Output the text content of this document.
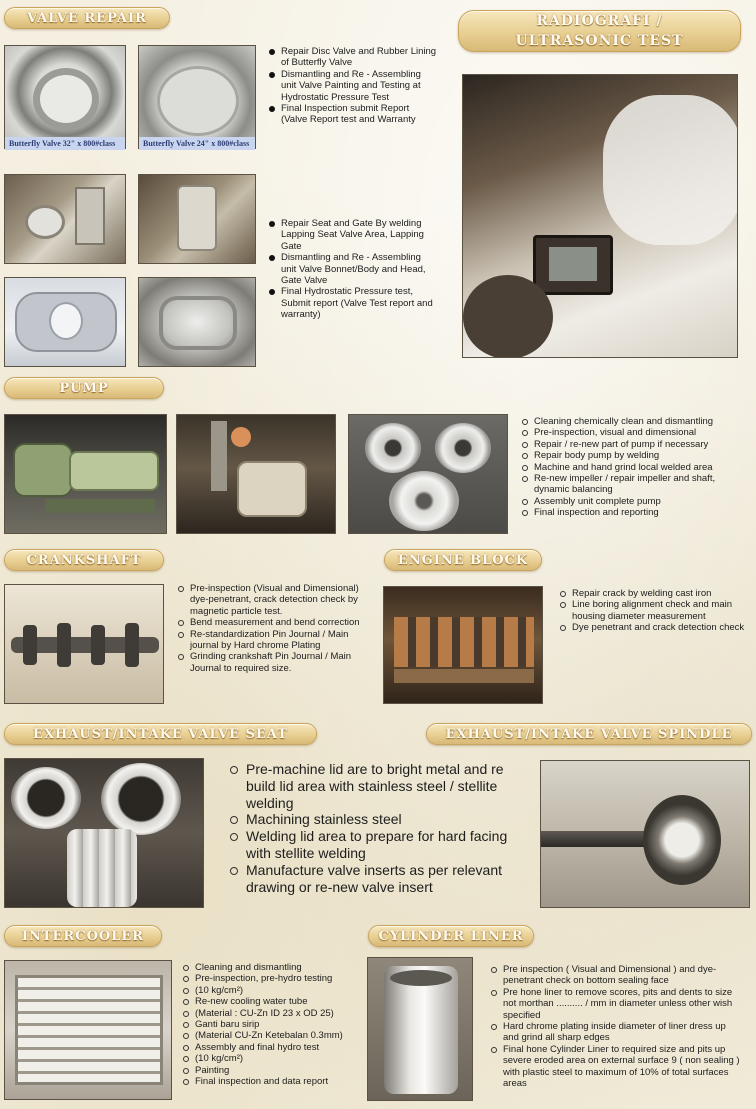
VALVE REPAIR
Butterfly Valve 32" x 800#class	Butterfly Valve 24" x 800#class
Repair Disc Valve and Rubber Lining of Butterfly Valve
Dismantling and Re - Assembling unit Valve Painting and Testing at Hydrostatic Pressure Test
Final Inspection submit Report (Valve Report test and Warranty
Repair Seat and Gate By welding Lapping Seat Valve Area, Lapping Gate
Dismantling and Re - Assembling unit Valve Bonnet/Body and Head, Gate Valve
Final Hydrostatic Pressure test, Submit report (Valve Test report and warranty)
RADIOGRAFI /
ULTRASONIC TEST
PUMP
Cleaning chemically clean and dismantling
Pre-inspection, visual and dimensional
Repair / re-new part of pump if necessary
Repair body pump by welding
Machine and hand grind local welded area
Re-new impeller / repair impeller and shaft, dynamic balancing
Assembly unit complete pump
Final inspection and reporting
CRANKSHAFT
Pre-inspection (Visual and Dimensional) dye-penetrant, crack detection check by magnetic particle test.
Bend measurement and bend correction
Re-standardization Pin Journal / Main journal by Hard chrome Plating
Grinding crankshaft Pin Journal / Main Journal to required size.
ENGINE BLOCK
Repair crack by welding cast iron
Line boring alignment check and main housing diameter measurement
Dye penetrant and crack detection check
EXHAUST/INTAKE VALVE SEAT
Pre-machine lid are to bright metal and re build lid area with stainless steel / stellite welding
Machining stainless steel
Welding lid area to prepare for hard facing with stellite welding
Manufacture valve inserts as per relevant drawing or re-new valve insert
EXHAUST/INTAKE VALVE SPINDLE
INTERCOOLER
Cleaning and dismantling
Pre-inspection, pre-hydro testing
(10 kg/cm²)
Re-new cooling water tube
(Material : CU-Zn ID 23 x OD 25)
Ganti baru sirip
(Material CU-Zn Ketebalan 0.3mm)
Assembly and final hydro test
(10 kg/cm²)
Painting
Final inspection and data report
CYLINDER LINER
Pre inspection ( Visual and Dimensional ) and dye-penetrant check on bottom sealing face
Pre hone liner to remove scores, pits and dents to size not morthan .......... / mm in diameter unless other wish specified
Hard chrome plating inside diameter of liner dress up and grind all sharp edges
Final hone Cylinder Liner to required size and pits up severe eroded area on external surface 9 ( non sealing ) with plastic steel to maximum of 10% of total surfaces areas
